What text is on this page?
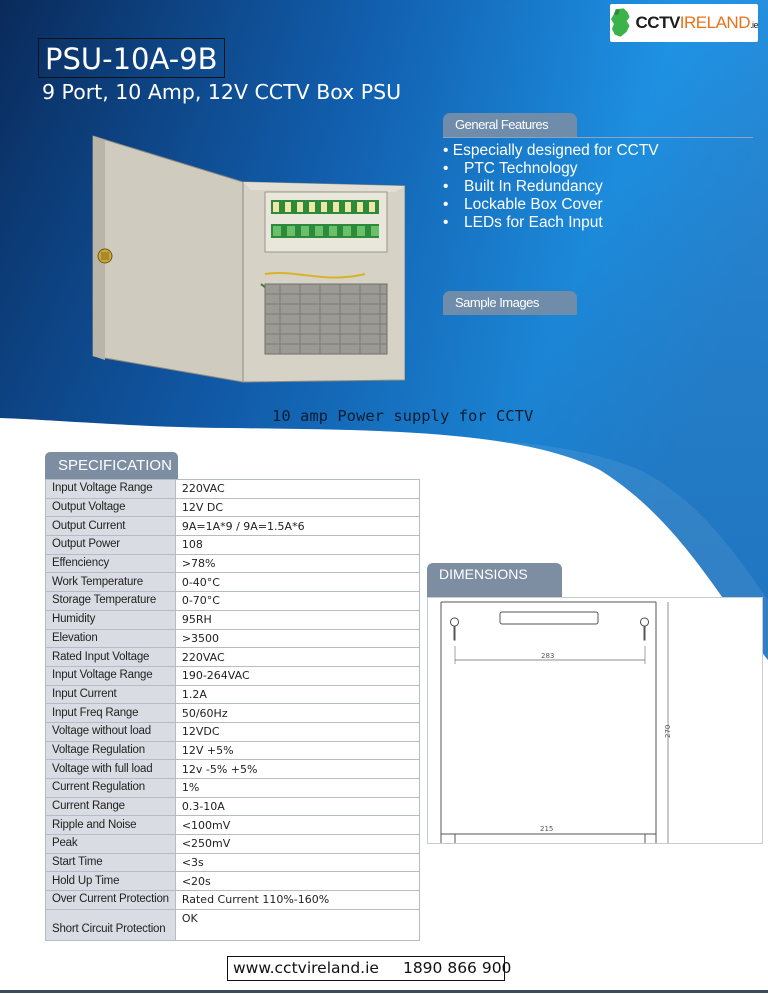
CCTVIRELAND.ie
PSU-10A-9B
9 Port, 10 Amp, 12V CCTV Box PSU
General Features
• Especially designed for CCTV
• PTC Technology
• Built In Redundancy
• Lockable Box Cover
• LEDs for Each Input
Sample Images
10 amp Power supply for CCTV
SPECIFICATION
Input Voltage Range	220VAC
Output Voltage	12V DC
Output Current	9A=1A*9 / 9A=1.5A*6
Output Power	108
Effenciency	>78%
Work Temperature	0-40°C
Storage Temperature	0-70°C
Humidity	95RH
Elevation	>3500
Rated Input Voltage	220VAC
Input Voltage Range	190-264VAC
Input Current	1.2A
Input Freq Range	50/60Hz
Voltage without load	12VDC
Voltage Regulation	12V +5%
Voltage with full load	12v -5% +5%
Current Regulation	1%
Current Range	0.3-10A
Ripple and Noise	<100mV
Peak	<250mV
Start Time	<3s
Hold Up Time	<20s
Over Current Protection	Rated Current 110%-160%
Short Circuit Protection	OK
DIMENSIONS
283
270
215
www.cctvireland.ie 1890 866 900
